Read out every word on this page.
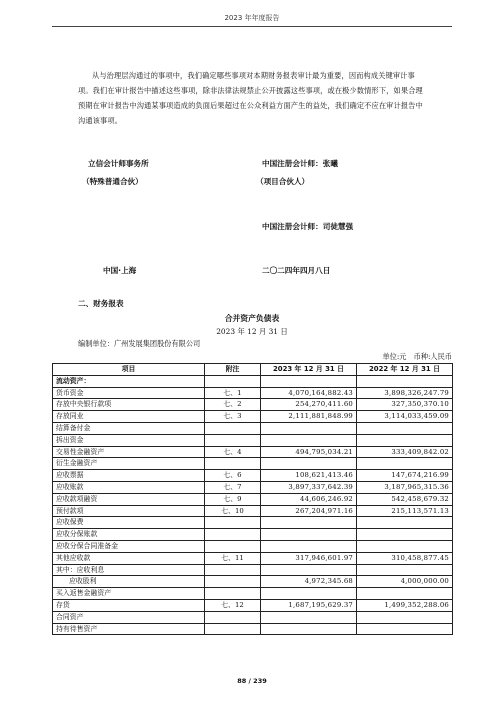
2023 年年度报告
从与治理层沟通过的事项中，我们确定哪些事项对本期财务报表审计最为重要，因而构成关键审计事项。我们在审计报告中描述这些事项，除非法律法规禁止公开披露这些事项，或在极少数情形下，如果合理预期在审计报告中沟通某事项造成的负面后果超过在公众利益方面产生的益处，我们确定不应在审计报告中沟通该事项。
立信会计师事务所
（特殊普通合伙）
中国注册会计师：张曦
（项目合伙人）
中国注册会计师：司徒慧强
中国·上海	二〇二四年四月八日
二、财务报表
合并资产负债表
2023 年 12 月 31 日
编制单位：广州发展集团股份有限公司
单位:元　币种:人民币
项目	附注	2023 年 12 月 31 日	2022 年 12 月 31 日
流动资产：			
货币资金	七、1	4,070,164,882.43	3,898,326,247.79
存放中央银行款项	七、2	254,270,411.60	327,350,370.10
存放同业	七、3	2,111,881,848.99	3,114,033,459.09
结算备付金			
拆出资金			
交易性金融资产	七、4	494,795,034.21	333,409,842.02
衍生金融资产			
应收票据	七、6	108,621,413.46	147,674,216.99
应收账款	七、7	3,897,337,642.39	3,187,965,315.36
应收款项融资	七、9	44,606,246.92	542,458,679.32
预付款项	七、10	267,204,971.16	215,113,571.13
应收保费			
应收分保账款			
应收分保合同准备金			
其他应收款	七、11	317,946,601.97	310,458,877.45
其中：应收利息			
应收股利		4,972,345.68	4,000,000.00
买入返售金融资产			
存货	七、12	1,687,195,629.37	1,499,352,288.06
合同资产			
持有待售资产			
88 / 239
